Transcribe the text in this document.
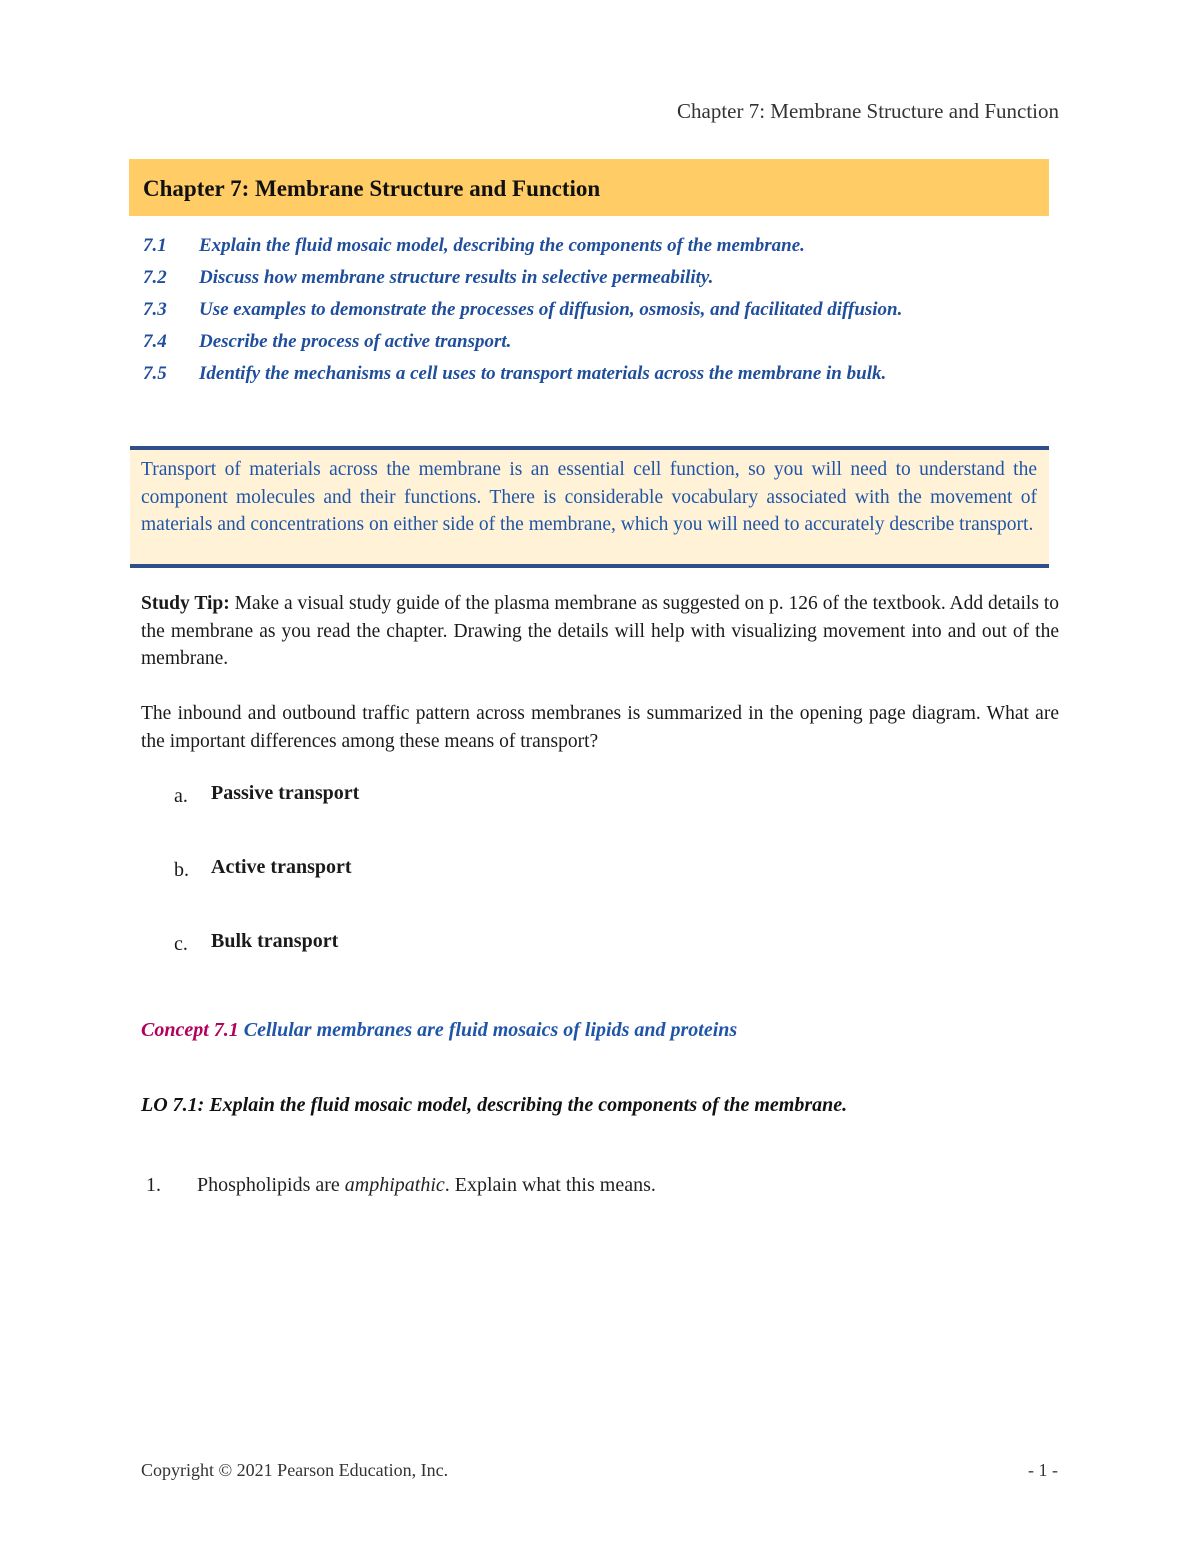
Chapter 7: Membrane Structure and Function
Chapter 7: Membrane Structure and Function
7.1	Explain the fluid mosaic model, describing the components of the membrane.
7.2	Discuss how membrane structure results in selective permeability.
7.3	Use examples to demonstrate the processes of diffusion, osmosis, and facilitated diffusion.
7.4	Describe the process of active transport.
7.5	Identify the mechanisms a cell uses to transport materials across the membrane in bulk.

Transport of materials across the membrane is an essential cell function, so you will need to understand the component molecules and their functions. There is considerable vocabulary associated with the movement of materials and concentrations on either side of the membrane, which you will need to accurately describe transport.

Study Tip: Make a visual study guide of the plasma membrane as suggested on p. 126 of the textbook. Add details to the membrane as you read the chapter. Drawing the details will help with visualizing movement into and out of the membrane.

The inbound and outbound traffic pattern across membranes is summarized in the opening page diagram. What are the important differences among these means of transport?

a. Passive transport
b. Active transport
c. Bulk transport
Concept 7.1 Cellular membranes are fluid mosaics of lipids and proteins
LO 7.1: Explain the fluid mosaic model, describing the components of the membrane.
1. Phospholipids are amphipathic. Explain what this means.
Copyright © 2021 Pearson Education, Inc.	- 1 -
